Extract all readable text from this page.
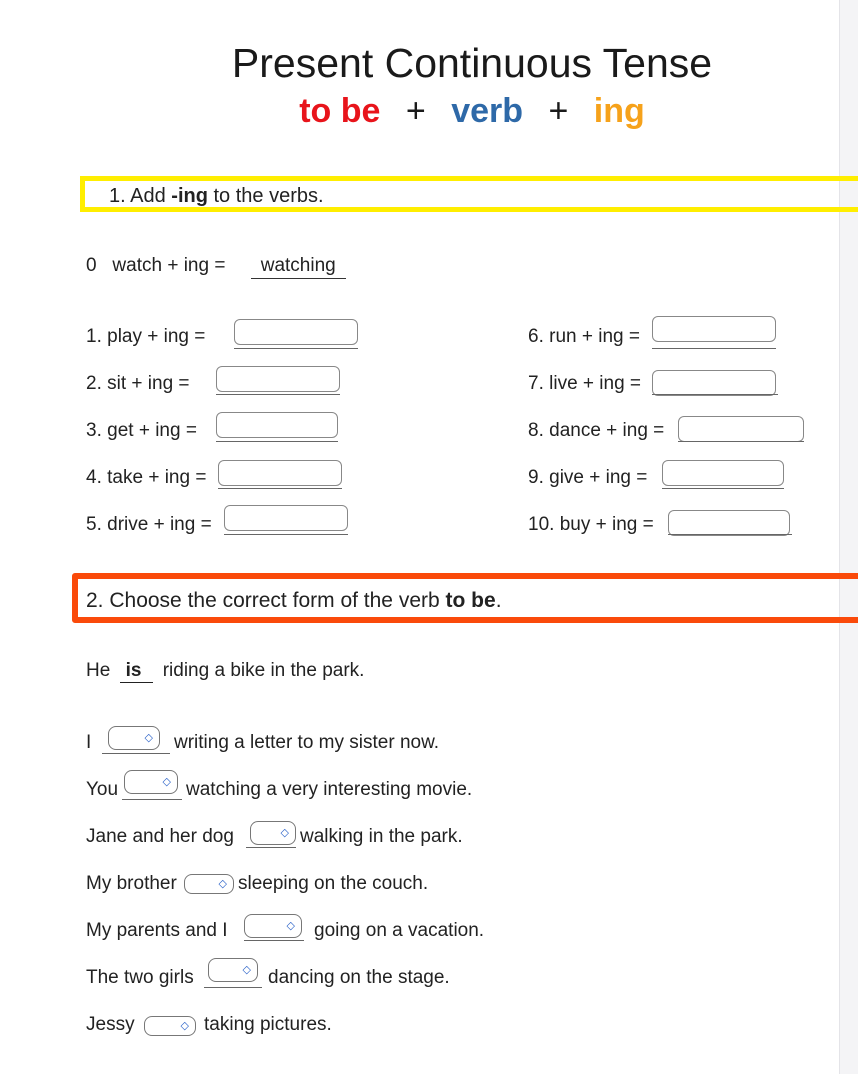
Present Continuous Tense
to be + verb + ing
1. Add -ing to the verbs.
0 watch + ing = watching
1. play + ing =
2. sit + ing =
3. get + ing =
4. take + ing =
5. drive + ing =
6. run + ing =
7. live + ing =
8. dance + ing =
9. give + ing =
10. buy + ing =
2. Choose the correct form of the verb to be.
He is riding a bike in the park.
I	◇ writing a letter to my sister now.
You	◇ watching a very interesting movie.
Jane and her dog	◇ walking in the park.
My brother	◇ sleeping on the couch.
My parents and I	◇ going on a vacation.
The two girls	◇ dancing on the stage.
Jessy	◇ taking pictures.
